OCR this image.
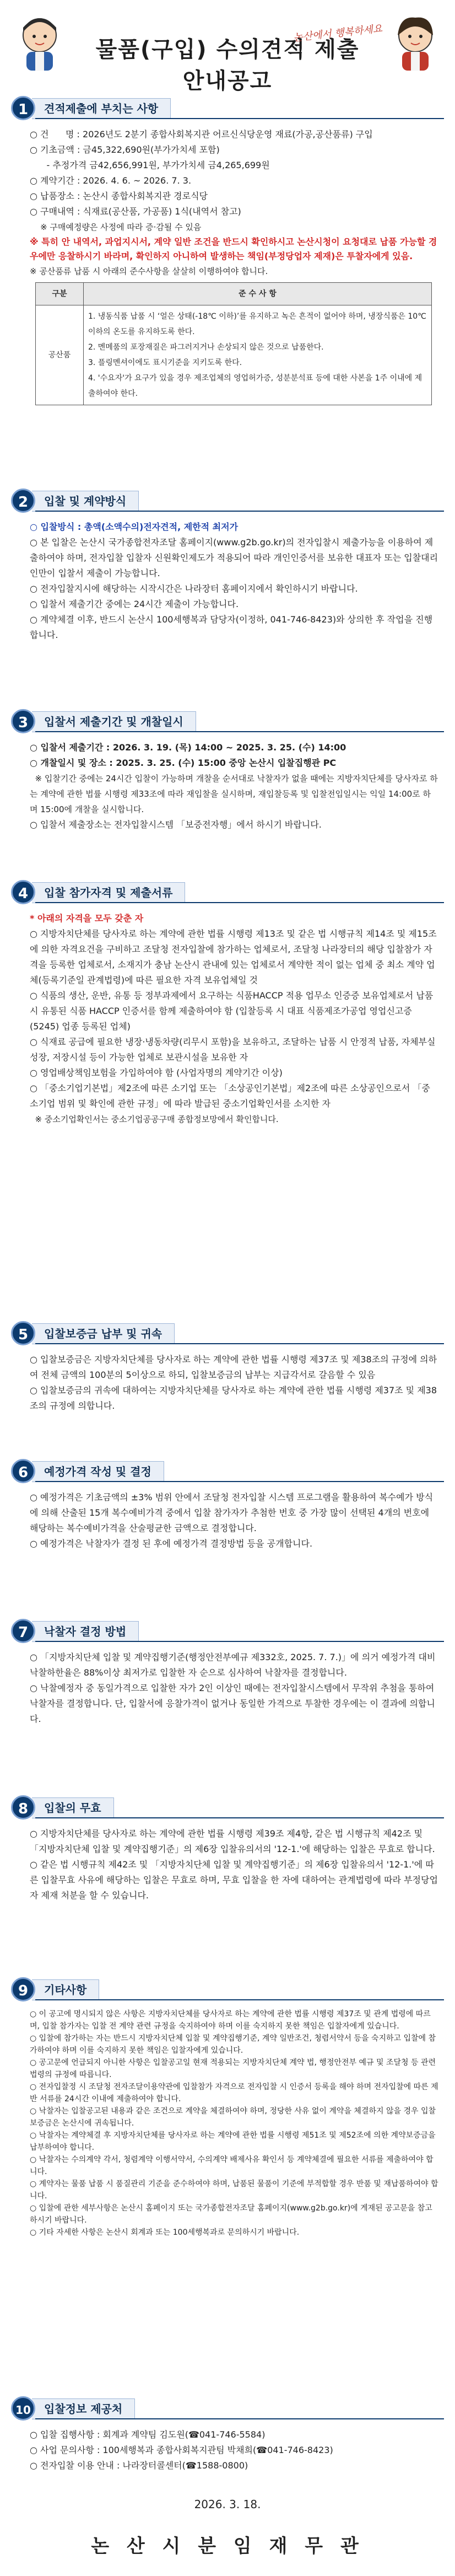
물품(구입) 수의견적 제출 안내공고
논산에서 행복하세요
견적제출에 부치는 사항
1

○ 건      명 : 2026년도 2분기 종합사회복지관 어르신식당운영 재료(가공,공산품류) 구입

○ 기초금액 : 금45,322,690원(부가가치세 포함)

- 추정가격 금42,656,991원, 부가가치세 금4,265,699원

○ 계약기간 : 2026. 4. 6. ~ 2026. 7. 3.

○ 납품장소 : 논산시 종합사회복지관 경로식당

○ 구매내역 : 식재료(공산품, 가공품) 1식(내역서 참고)

※ 구매예정량은 사정에 따라 증·감될 수 있음

※ 특히 안 내역서, 과업지시서, 계약 일반 조건을 반드시 확인하시고 논산시청이 요청대로 납품 가능할 경우에만 응찰하시기 바라며, 확인하지 아니하여 발생하는 책임(부정당업자 제재)은 투찰자에게 있음.

※ 공산품류 납품 시 아래의 준수사항을 살살히 이행하여야 합니다.

구분	준 수 사 항
공산품	1. 냉동식품 납품 시 ‘얼은 상태(-18℃ 이하)’를 유지하고 녹은 흔적이 없어야 하며, 냉장식품은 10℃이하의 온도를 유지하도록 한다.
2. 멘메품의 포장재질은 파그러지거나 손상되지 않은 것으로 납품한다.
3. 플링멘셔이에도 표시기준을 지키도록 한다.
4. '수요자'가 요구가 있을 경우 제조업체의 영업허가증, 성분분석표 등에 대한 사본을 1주 이내에 제출하여야 한다.
입찰 및 계약방식
2

○ 입찰방식 : 총액(소액수의)전자견적, 제한적 최저가

○ 본 입찰은 논산시 국가종합전자조달 홈페이지(www.g2b.go.kr)의 전자입찰시 제출가능을 이용하여 제출하여야 하며, 전자입찰 입찰자 신원확인제도가 적용되어 따라 개인인증서를 보유한 대표자 또는 입찰대리인만이 입찰서 제출이 가능합니다.

○ 전자입찰지시에 해당하는 시작시간은 나라장터 홈페이지에서 확인하시기 바랍니다.

○ 입찰서 제출기간 중에는 24시간 제출이 가능합니다.

○ 계약체결 이후, 반드시 논산시 100세행복과 담당자(이정하, 041-746-8423)와 상의한 후 작업을 진행합니다.

입찰서 제출기간 및 개찰일시
3

○ 입찰서 제출기간 : 2026. 3. 19. (목) 14:00 ~ 2025. 3. 25. (수) 14:00

○ 개찰일시 및 장소 : 2025. 3. 25. (수) 15:00 중앙 논산시 입찰집행관 PC

※ 입찰기간 중에는 24시간 입찰이 가능하며 개찰을 순서대로 낙찰자가 없을 때에는 지방자치단체를 당사자로 하는 계약에 관한 법률 시행령 제33조에 따라 재입찰을 실시하며, 재입찰등록 및 입찰전입일시는 익일 14:00로 하며 15:00에 개찰을 실시합니다.

○ 입찰서 제출장소는 전자입찰시스템 「보증전자행」에서 하시기 바랍니다.

입찰 참가자격 및 제출서류
4

* 아래의 자격을 모두 갖춘 자

○ 지방자치단체를 당사자로 하는 계약에 관한 법률 시행령 제13조 및 같은 법 시행규칙 제14조 및 제15조에 의한 자격요건을 구비하고 조달청 전자입찰에 참가하는 업체로서, 조달청 나라장터의 해당 입찰참가 자격을 등록한 업체로서, 소재지가 충남 논산시 관내에 있는 업체로서 계약한 적이 없는 업체 중 최소 계약 업체(등록기준일 관계법령)에 따른 필요한 자격 보유업체일 것

○ 식품의 생산, 운반, 유통 등 정부과제에서 요구하는 식품HACCP 적용 업무소 인증증 보유업체로서 납품 시 유통된 식품 HACCP 인증서를 함께 제출하여야 함 (입찰등록 시 대표 식품제조가공업 영업신고증(5245) 업종 등록된 업체)

○ 식재료 공급에 필요한 냉장·냉동차량(리무시 포함)을 보유하고, 조달하는 납품 시 안정적 납품, 자체부실 성장, 저장시설 등이 가능한 업체로 보관시설을 보유한 자

○ 영업배상책임보험을 가입하여야 함 (사업자명의 계약기간 이상)

○ 「중소기업기본법」제2조에 따른 소기업 또는 「소상공인기본법」제2조에 따른 소상공인으로서 「중소기업 범위 및 확인에 관한 규정」에 따라 발급된 중소기업확인서를 소지한 자

※ 중소기업확인서는 중소기업공공구매 종합정보망에서 확인합니다.

입찰보증금 납부 및 귀속
5

○ 입찰보증금은 지방자치단체를 당사자로 하는 계약에 관한 법률 시행령 제37조 및 제38조의 규정에 의하여 전체 금액의 100분의 5이상으로 하되, 입찰보증금의 납부는 지급각서로 갈음할 수 있음

○ 입찰보증금의 귀속에 대하여는 지방자치단체를 당사자로 하는 계약에 관한 법률 시행령 제37조 및 제38조의 규정에 의합니다.

예정가격 작성 및 결정
6

○ 예정가격은 기초금액의 ±3% 범위 안에서 조달청 전자입찰 시스템 프로그램을 활용하여 복수예가 방식에 의해 산출된 15개 복수예비가격 중에서 입찰 참가자가 추첨한 번호 중 가장 많이 선택된 4개의 번호에 해당하는 복수예비가격을 산술평균한 금액으로 결정합니다.

○ 예정가격은 낙찰자가 결정 된 후에 예정가격 결정방법 등을 공개합니다.

낙찰자 결정 방법
7

○ 「지방자치단체 입찰 및 계약집행기준(행정안전부예규 제332호, 2025. 7. 7.)」에 의거 예정가격 대비 낙찰하한율은 88%이상 최저가로 입찰한 자 순으로 심사하여 낙찰자를 결정합니다.

○ 낙찰예정자 중 동일가격으로 입찰한 자가 2인 이상인 때에는 전자입찰시스템에서 무작위 추첨을 통하여 낙찰자를 결정합니다. 단, 입찰서에 응찰가격이 없거나 동일한 가격으로 투찰한 경우에는 이 결과에 의합니다.

입찰의 무효
8

○ 지방자치단체를 당사자로 하는 계약에 관한 법률 시행령 제39조 제4항, 같은 법 시행규칙 제42조 및 「지방자치단체 입찰 및 계약집행기준」의 제6장 입찰유의서의 '12-1.'에 해당하는 입찰은 무효로 합니다.

○ 같은 법 시행규칙 제42조 및 「지방자치단체 입찰 및 계약집행기준」의 제6장 입찰유의서 '12-1.'에 따른 입찰무효 사유에 해당하는 입찰은 무효로 하며, 무효 입찰을 한 자에 대하여는 관계법령에 따라 부정당업자 제재 처분을 할 수 있습니다.

기타사항
9

○ 이 공고에 명시되지 않은 사항은 지방자치단체를 당사자로 하는 계약에 관한 법률 시행령 제37조 및 관계 법령에 따르며, 입찰 참가자는 입찰 전 계약 관련 규정을 숙지하여야 하며 이를 숙지하지 못한 책임은 입찰자에게 있습니다.

○ 입찰에 참가하는 자는 반드시 지방자치단체 입찰 및 계약집행기준, 계약 일반조건, 청렴서약서 등을 숙지하고 입찰에 참가하여야 하며 이를 숙지하지 못한 책임은 입찰자에게 있습니다.

○ 공고문에 언급되지 아니한 사항은 입찰공고일 현재 적용되는 지방자치단체 계약 법, 행정안전부 예규 및 조달청 등 관련 법령의 규정에 따릅니다.

○ 전자입찰정 시 조달청 전자조달이용약관에 입찰참가 자격으로 전자입찰 시 인증서 등록을 해야 하며 전자입찰에 따른 제반 서류를 24시간 이내에 제출하여야 합니다.

○ 낙찰자는 입찰공고된 내용과 같은 조건으로 계약을 체결하여야 하며, 정당한 사유 없이 계약을 체결하지 않을 경우 입찰보증금은 논산시에 귀속됩니다.

○ 낙찰자는 계약체결 후 지방자치단체를 당사자로 하는 계약에 관한 법률 시행령 제51조 및 제52조에 의한 계약보증금을 납부하여야 합니다.

○ 낙찰자는 수의계약 각서, 청렴계약 이행서약서, 수의계약 배제사유 확인서 등 계약체결에 필요한 서류를 제출하여야 합니다.

○ 계약자는 물품 납품 시 품질관리 기준을 준수하여야 하며, 납품된 물품이 기준에 부적합할 경우 반품 및 재납품하여야 합니다.

○ 입찰에 관한 세부사항은 논산시 홈페이지 또는 국가종합전자조달 홈페이지(www.g2b.go.kr)에 게재된 공고문을 참고하시기 바랍니다.

○ 기타 자세한 사항은 논산시 회계과 또는 100세행복과로 문의하시기 바랍니다.

입찰정보 제공처
10

○ 입찰 집행사항 : 회계과 계약팀 김도원(☎041-746-5584)

○ 사업 문의사항 : 100세행복과 종합사회복지관팀 박채희(☎041-746-8423)

○ 전자입찰 이용 안내 : 나라장터콜센터(☎1588-0800)

2026. 3. 18.
논 산 시 분 임 재 무 관
